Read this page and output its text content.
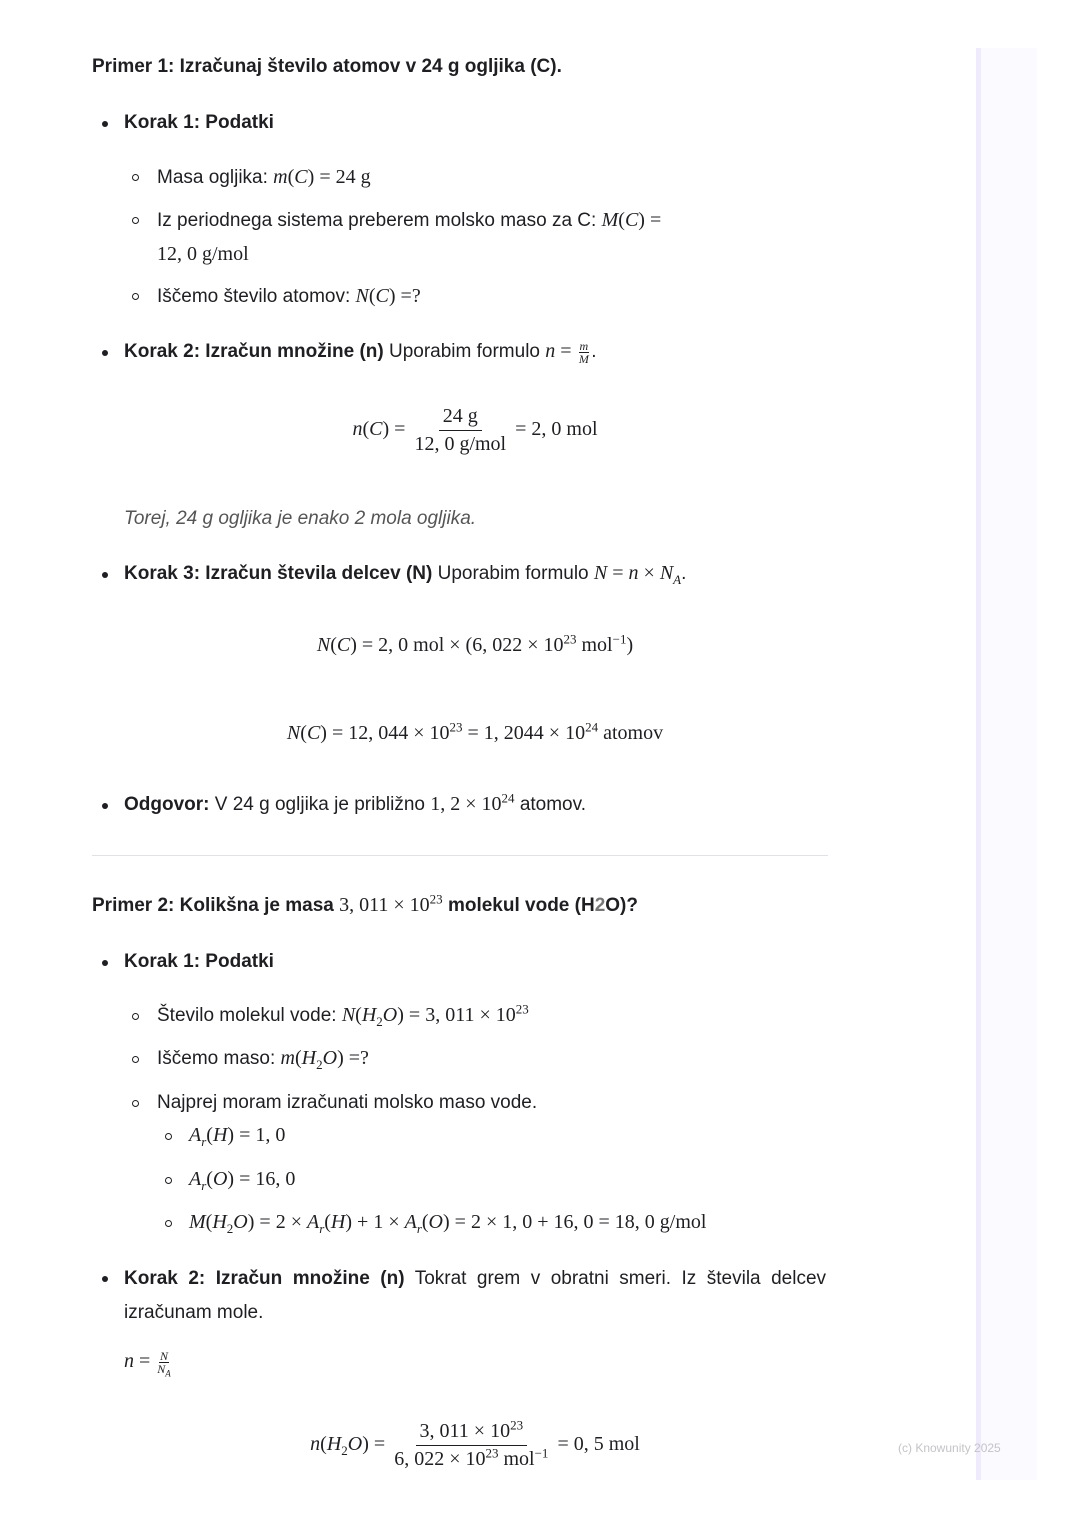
Primer 1: Izračunaj število atomov v 24 g ogljika (C).
Korak 1: Podatki
Masa ogljika: m(C) = 24 g
Iz periodnega sistema preberem molsko maso za C: M(C) =
12, 0 g/mol
Iščemo število atomov: N(C) =?
Korak 2: Izračun množine (n) Uporabim formulo $n = \frac{m}{M}$ .
$n(C) = \frac{24 g}{\text{12, 0 g/mol}} = 2$, 0 mol
Torej, 24 g ogljika je enako 2 mola ogljika.
Korak 3: Izračun števila delcev (N) Uporabim formulo $N = n \times N_A$.
N(C) = 2, 0 mol × (6, $022 \times 10^{23}$ mol$^{-1}$)
N(C) = 12, $044 \times 10^{23} = 1$, $2044 \times 10^{24}$ atomov
Odgovor: V 24 g ogljika je približno 1, $2 \times 10^{24}$ atomov.
Primer 2: Kolikšna je masa 3, $011 \times 10^{23}$ molekul vode (H2O)?
Korak 1: Podatki
Število molekul vode: $N(H_2O) = 3$, $011 \times 10^{23}$
Iščemo maso: $m(H_2O)$ =?
Najprej moram izračunati molsko maso vode.
$A_r(H) = 1$, 0
$A_r(O) = 16$, 0
$M(H_2O) = 2 \times A_r(H) + 1 \times A_r(O) = 2 \times 1$, 0 + 16, 0 = 18, 0 g/mol
Korak 2: Izračun množine (n) Tokrat grem v obratni smeri. Iz števila delcev izračunam mole.
$n = \frac{N}{N_A}$
$n(H_2O) = \frac{3, 011 \times 10^{23}}{6, 022 \times 10^{23} mol^{-1}} = 0$, 5 mol	(c) Knowunity 2025
